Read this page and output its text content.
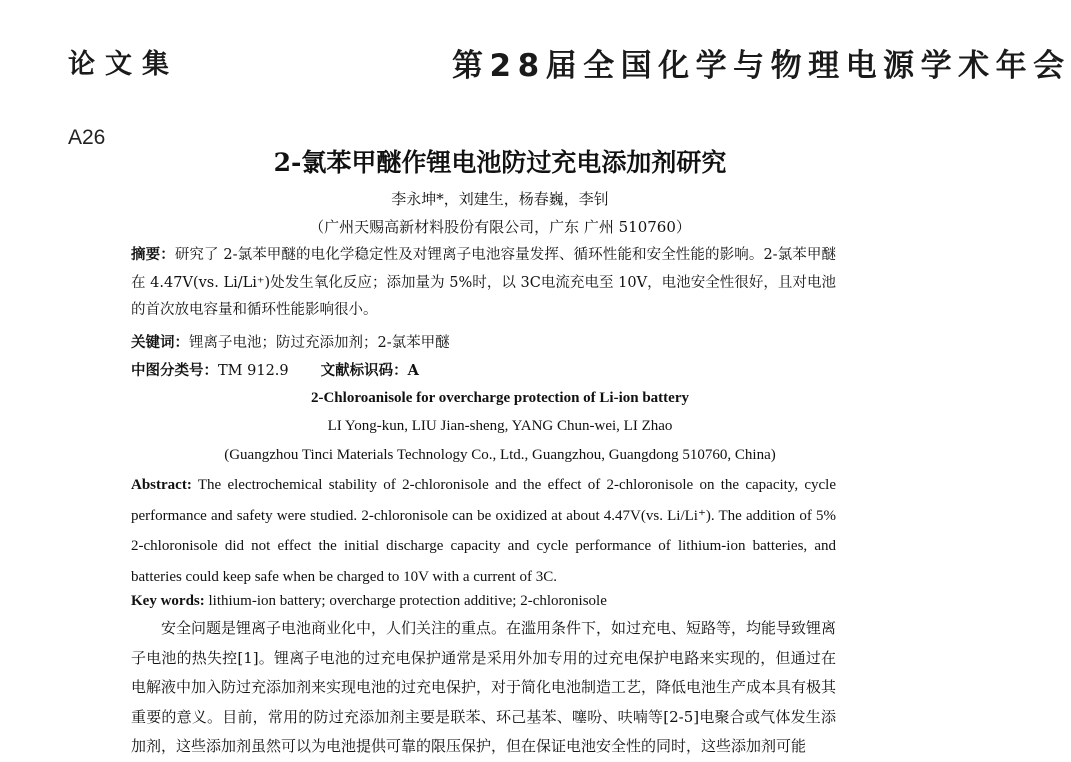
论文集	第28届全国化学与物理电源学术年会
A26
2-氯苯甲醚作锂电池防过充电添加剂研究
李永坤*，刘建生，杨春巍，李钊
（广州天赐高新材料股份有限公司，广东 广州 510760）

摘要：研究了 2-氯苯甲醚的电化学稳定性及对锂离子电池容量发挥、循环性能和安全性能的影响。2-氯苯甲醚在 4.47V(vs. Li/Li⁺)处发生氧化反应；添加量为 5%时，以 3C电流充电至 10V，电池安全性很好，且对电池的首次放电容量和循环性能影响很小。

关键词：锂离子电池；防过充添加剂；2-氯苯甲醚
中图分类号：TM 912.9 文献标识码：A
2-Chloroanisole for overcharge protection of Li-ion battery
LI Yong-kun, LIU Jian-sheng, YANG Chun-wei, LI Zhao
(Guangzhou Tinci Materials Technology Co., Ltd., Guangzhou, Guangdong 510760, China)

Abstract: The electrochemical stability of 2-chloronisole and the effect of 2-chloronisole on the capacity, cycle performance and safety were studied. 2-chloronisole can be oxidized at about 4.47V(vs. Li/Li⁺). The addition of 5% 2-chloronisole did not effect the initial discharge capacity and cycle performance of lithium-ion batteries, and batteries could keep safe when be charged to 10V with a current of 3C.

Key words: lithium-ion battery; overcharge protection additive; 2-chloronisole

安全问题是锂离子电池商业化中，人们关注的重点。在滥用条件下，如过充电、短路等，均能导致锂离子电池的热失控[1]。锂离子电池的过充电保护通常是采用外加专用的过充电保护电路来实现的，但通过在电解液中加入防过充添加剂来实现电池的过充电保护，对于简化电池制造工艺，降低电池生产成本具有极其重要的意义。目前，常用的防过充添加剂主要是联苯、环己基苯、噻吩、呋喃等[2-5]电聚合或气体发生添加剂，这些添加剂虽然可以为电池提供可靠的限压保护，但在保证电池安全性的同时，这些添加剂可能
